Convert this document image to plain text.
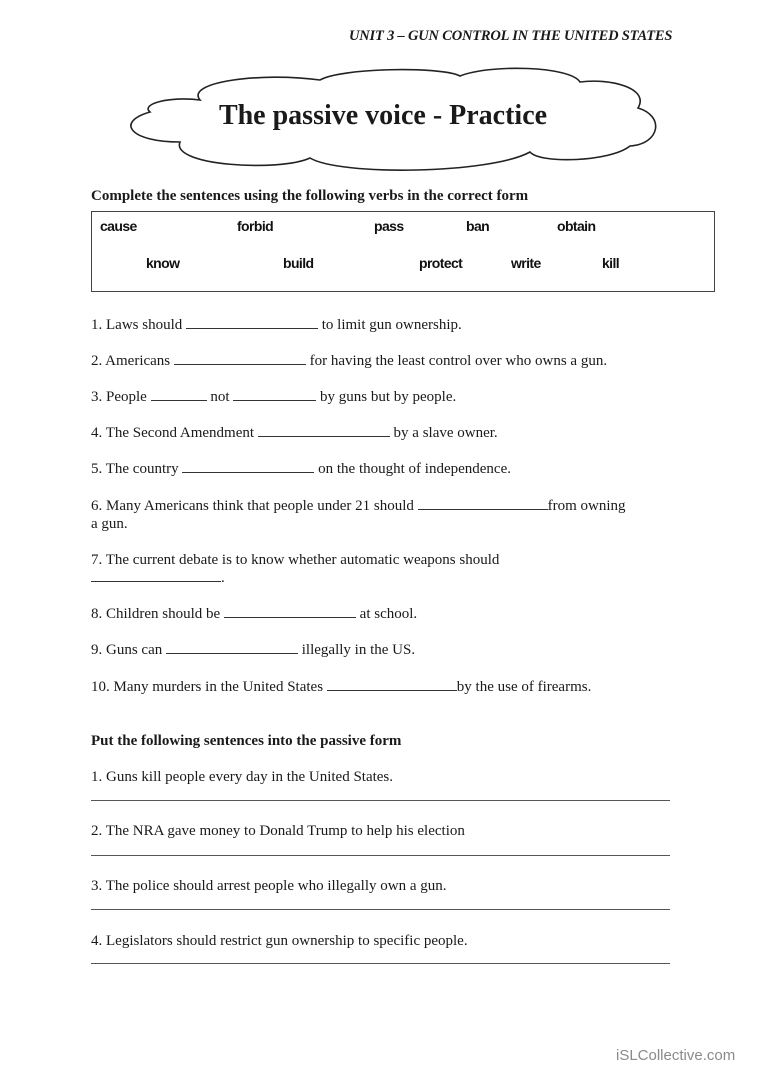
UNIT 3 – GUN CONTROL IN THE UNITED STATES
The passive voice - Practice
Complete the sentences using the following verbs in the correct form
cause	forbid	pass	ban	obtain
know	build	protect	write	kill
1. Laws should	to limit gun ownership.
2. Americans	for having the least control over who owns a gun.
3. People	not	by guns but by people.
4. The Second Amendment	by a slave owner.
5. The country	on the thought of independence.
6. Many Americans think that people under 21 should	from owning
a gun.
7. The current debate is to know whether automatic weapons should
.
8. Children should be	at school.
9. Guns can	illegally in the US.
10. Many murders in the United States	by the use of firearms.
Put the following sentences into the passive form
1. Guns kill people every day in the United States.
2. The NRA gave money to Donald Trump to help his election
3. The police should arrest people who illegally own a gun.
4. Legislators should restrict gun ownership to specific people.
iSLCollective.com
